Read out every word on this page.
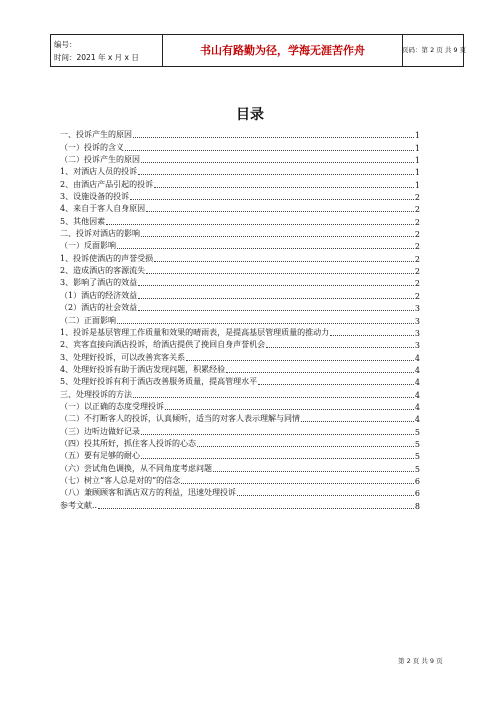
编号：
时间：2021 年 x 月 x 日
书山有路勤为径，学海无涯苦作舟	页码：第 2 页 共 9 页
目录
一、投诉产生的原因	1
（一）投诉的含义	1
（二）投诉产生的原因	1
1、对酒店人员的投诉	1
2、由酒店产品引起的投诉	1
3、设施设备的投诉	2
4、来自于客人自身原因	2
5、其他因素	2
二、投诉对酒店的影响	2
（一）反面影响	2
1、投诉使酒店的声誉受损	2
2、造成酒店的客源流失	2
3、影响了酒店的效益	2
（1）酒店的经济效益	2
（2）酒店的社会效益	3
（二）正面影响	3
1、投诉是基层管理工作质量和效果的晴雨表，是提高基层管理质量的推动力	3
2、宾客直接向酒店投诉，给酒店提供了挽回自身声誉机会	3
3、处理好投诉，可以改善宾客关系	4
4、处理好投诉有助于酒店发现问题，积累经验	4
5、处理好投诉有利于酒店改善服务质量，提高管理水平	4
三、处理投诉的方法	4
（一）以正确的态度受理投诉	4
（二）不打断客人的投诉，认真倾听，适当的对客人表示理解与同情	4
（三）边听边做好记录	5
（四）投其所好，抓住客人投诉的心态	5
（五）要有足够的耐心	5
（六）尝试角色调换，从不同角度考虑问题	5
（七）树立“客人总是对的”的信念	6
（八）兼顾顾客和酒店双方的利益，迅速处理投诉	6
参考文献..	8
第 2 页 共 9 页
